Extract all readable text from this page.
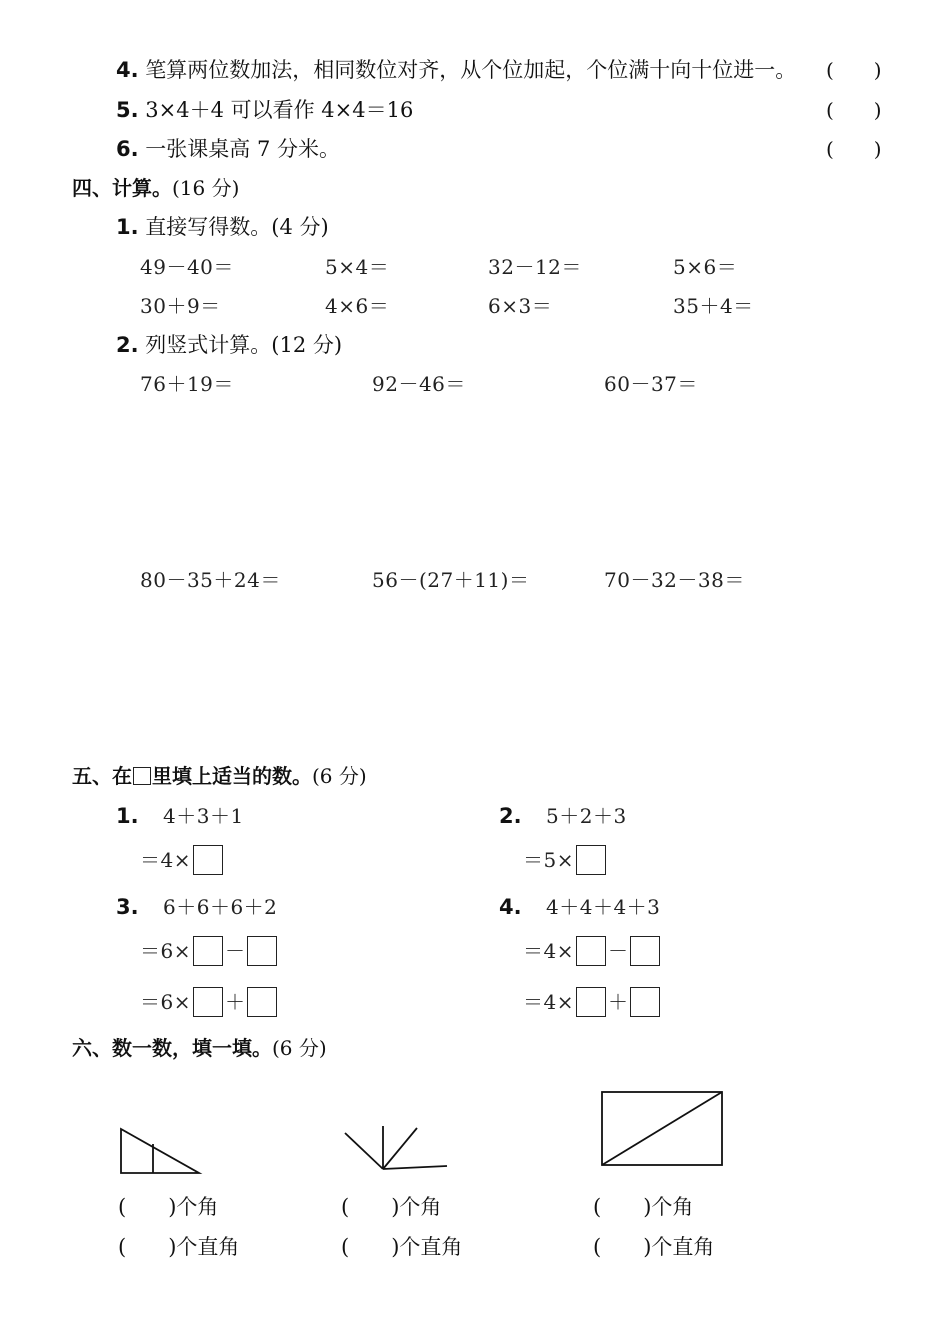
4. 笔算两位数加法，相同数位对齐，从个位加起，个位满十向十位进一。 (　　)
5. 3×4＋4 可以看作 4×4＝16	(　　)
6. 一张课桌高 7 分米。	(　　)
四、计算。(16 分)
1. 直接写得数。(4 分)
49－40＝	5×4＝	32－12＝	5×6＝
30＋9＝	4×6＝	6×3＝	35＋4＝
2. 列竖式计算。(12 分)
76＋19＝	92－46＝	60－37＝
80－35＋24＝	56－(27＋11)＝	70－32－38＝
五、在 里填上适当的数。(6 分)
1. 4＋3＋1
＝4×
2. 5＋2＋3
＝5×
3. 6＋6＋6＋2
＝6× －
＝6× ＋
4. 4＋4＋4＋3
＝4× －
＝4× ＋
六、数一数，填一填。(6 分)
(　　)个角
(　　)个直角
(　　)个角
(　　)个直角
(　　)个角
(　　)个直角
